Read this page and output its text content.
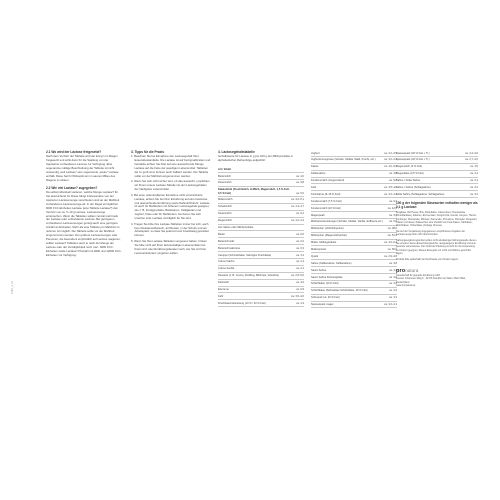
1085_4_01
2.1 Wo wird der Lactose freigesetzt?

Nach dem Verzehr der Tablette wird der Enzym im Magen freigesetzt und wirkt dann für die Spaltung von der Speisebrei vorhandenen Lactose zur Verfügung. Eine sogenannte mäßige Beschreibung der Tablette ist nicht notwendig, weil Lactase" eine sogenannte „saure" Lactase enthält. Diese hat ihr Wirkoptimum im sauren Milieu des Magens zu wirken.

2.2 Wie viel Lactase? zugegeben?

Da selbst individuell variieren, welche Menge Lactase? für Sie ausreichend ist. Diese hängt insbesondere von der tolerierten Lactosemenge verschieden sind an der Mahlzeit vorhandenen Lactosemenge ab. In der Regel ermöglichen 6000 FCC-Einheiten Lactase (eine Tablette Lactase?) den Verzehr von ca. 5–10 g Lactose. Lactosemenge entsprechen. Wenn die Tabletten sollten zentral mehrmals der Lactase oder vorhandenen Lactose. Bei geringeren vorhandenen Lactosemengen genügt auch eine geringere Anzahl an Einheiten. Mehr als eine Tablette pro Mahlzeit zu nehmen ist möglich. Die Tablette sollte vor der Mahlzeit eingenommen werden. Der größere Lactosemengen oder Personen, die besonders empfindlich auf Lactose reagieren, sollten Lactase? Tabletten auch je nach der Menge der Lactose oder der Verträglichkeit noch mal - 6000 FCC-Einheiten sowie Lactase? Plusrahl mit 3000 und 12000 FCC-Einheiten zur Verfügung.

3. Tipps für die Praxis

1. Beachten Sie bei Einnahme den Lactosegehalt Ihrer Essensbestandteile. Die Lactase ist auf Fertigmahlzeiten und Getränke achten Sie bitte auf eine ausreichende Menge Lactase auf die Fette der jeweiligen Lebensmittel. Tabletten die zu groß sind, können auch halbiert werden. Die Tablette sollte vor der Mahlzeit eingenommen werden.

2. Wenn Sie sich nicht sicher sind, ob das ausreicht, empfehlen wir Ihnen unsere Lactase-Tabelle mit den Lactosegehalten der häufigsten Lebensmittel.

3. Bei einer unkontrollierten Einnahme nicht verunsicherte Lactase, achten Sie bei Ihrer Ernährung auf eine bewusste und ausreichende Ernährung sowie Nährstoffzufuhr. Lactase ist auch für Mahlzeiten mit höherem Lactosegehalt geeignet, wie z. B. Fertigprodukte, Backwaren, Süßigkeiten und Joghurt, Käse oder für Mahlzeiten, bei denen Sie sich unsicher sind, Lactase verträglich für Sie sind.

4. Tragen Sie bitte ihre Lactase-Tabletten immer bei sich, auch beim Restaurantbesuch, auf Reisen, in der Schule und am Arbeitsplatz, so dass Sie jederzeit und zuverlässig genießen können.

5. Wenn Sie Ihre Lactase-Tabletten vergessen haben, trinken Sie bitte nicht auf Ihren lactosehaltigen Lebensmitteln bei Ihrem Arzt oder Ernährungsberater nach, wie Sie mit Ihrer Lactoseintoleranz umgehen sollten.

4. Lactosegehaltstabelle

Gehaltswerte für Lactose in g pro 100 g der Milchprodukte in alphabetischer Reihenfolge aufgeführt

Art / Inhalt
Buttermilch	ca. 4,0
Dosenmilch	ca. 9,8
Kakaodrink (Fruchtmilch, H-Milch, Magermilch, 1,5 % Fett, 3,5 % Fett)	ca. 5,0
Molkenmilch	ca. 4,0–5,1
Schafsmilch	ca. 4,4–4,7
Stutenmilch	ca. 6,2
Ziegenmilch	ca. 4,2–4,4
Aus Sahne oder Milchprodukte
Butter	ca. 0,6
Butterschmalz	ca. 0,2
Butterschmalzstreu	ca. 0,3
Camppo (Schmelzkäse, Sahniges Frischkäse)	ca. 3,4
Crème fraîche	ca. 2,4
Crème double	ca. 2,1
Desserts (z. B. Creme, Pudding, Milchreis, Griesbrei)	ca. 2,5–5,0
Dickmilch	ca. 4,0
Eiscreme	ca. 6,9
Kefir	ca. 3,5–4,0
Frischkäsezubereitung (10 % / 20 % Fett)	ca. 3,3
Joghurt	ca. 3,2–3,5
Joghurterzeugnisse (Schoko, Mokka, Wald, Frucht, etc.)	ca. 3,0–3,4
Kakao	ca. 4,0–5,0
Kaffeesahne	ca. 3,8
Kondensmilch (Ungezuckert)	ca. 9,0
Kefir	ca. 3,5–4,0
Kochsahne (8–15 % Fett)	ca. 3,2–4,3
Kondensmilch (7,5 % Fett)	ca. 9,4
Kondensmilch (10 % Fett)	ca. 12,5
Magerquark	ca. 3,2
Milcheiszubereitungen (Schoko, Mokka, Vanille, Erdbeere etc.)	ca. 5,0
Milchpulver (Vollmilchpulver)	ca. 38,0
Milchpulver (Magermilchpulver)	ca. 51,3
Molke, Molkegetränke	ca. 4,0–5,2
Molkenpulver	ca. 66,0
Quark	ca. 2,9–3,8
Sahne (Kaffeesahne, Kaffeesahne)	ca. 3,8
Saure Sahne	ca. 3,3
Saure Sahne Dressingkäse	ca. 3,0
Schichtkäse (10 % Fett)	ca. 3,2
Schichtkäse (Sahnekäse Schichtkäse, 40 % Fett)	ca. 2,9
Schmand (ca. 20 % Fett)	ca. 3,3
Speisequark mager	ca. 3,2–4,1
Speisequark (20 % Fett i. Tr.)	ca. 3,4–3,6
Speisequark (40 % Fett i. Tr.)	ca. 2,7–3,0
Ziegenmilch (3 % Fett)	ca. 3,5
Ziegenkäse (3,5 % Fett)	ca. 4,4
Sahne / Süße Sahne	ca. 3,1
Sahne / Sahne (Schlagsahne)	ca. 3,2
Süße Sahne (Schlagsahne, Schlagsahne)	ca. 3,2
100 g der folgenden Käsesorten enthalten weniger als 0,1 g Lactose:

Bergkäse, Bel Paese, Brie, Butterkäse, Camembert, Chesterkäse (Cheddarkäse), Edamer, Emmentaler, Gorgonzola, Gouda, Gruyère, Harzer, Limburger, Mozzarella, Münster, Parmesan, Provolone, Romadur, Roquefort, Tilsiter und diesen Käsesorten eine Vielzahl von Feta-Käsen, Hartkäsen, Weichkäsen, Hüttenkäse (Cottage Cheese).

Die auf der Verpackung angegebenen empfohlenen Angaben der Lactosemenge bitte nicht überschreiten.

Nahrungsergänzungsmittel sollten nicht als alleinige Nahrungsquelle dienen. Sie ersetzen keine abwechslungsreiche, ausgewogene Ernährung und eine gesunde Lebensweise. Der Inhalt der Packung ist nicht für die Anwendung an Kindern geeignet. Dieses Erzeugnis vor Licht und Wärme geschützt lagern.

Produkt bitte außerhalb der Reichweite von Kindern lagern.

pronatura

Gesellschaft für gesunde Ernährung mbH

Fenster Johannser-Weg 6 · 61476 Frankfurt am Main / Bad Vilbel, Deutschland

www.pronatura.de
